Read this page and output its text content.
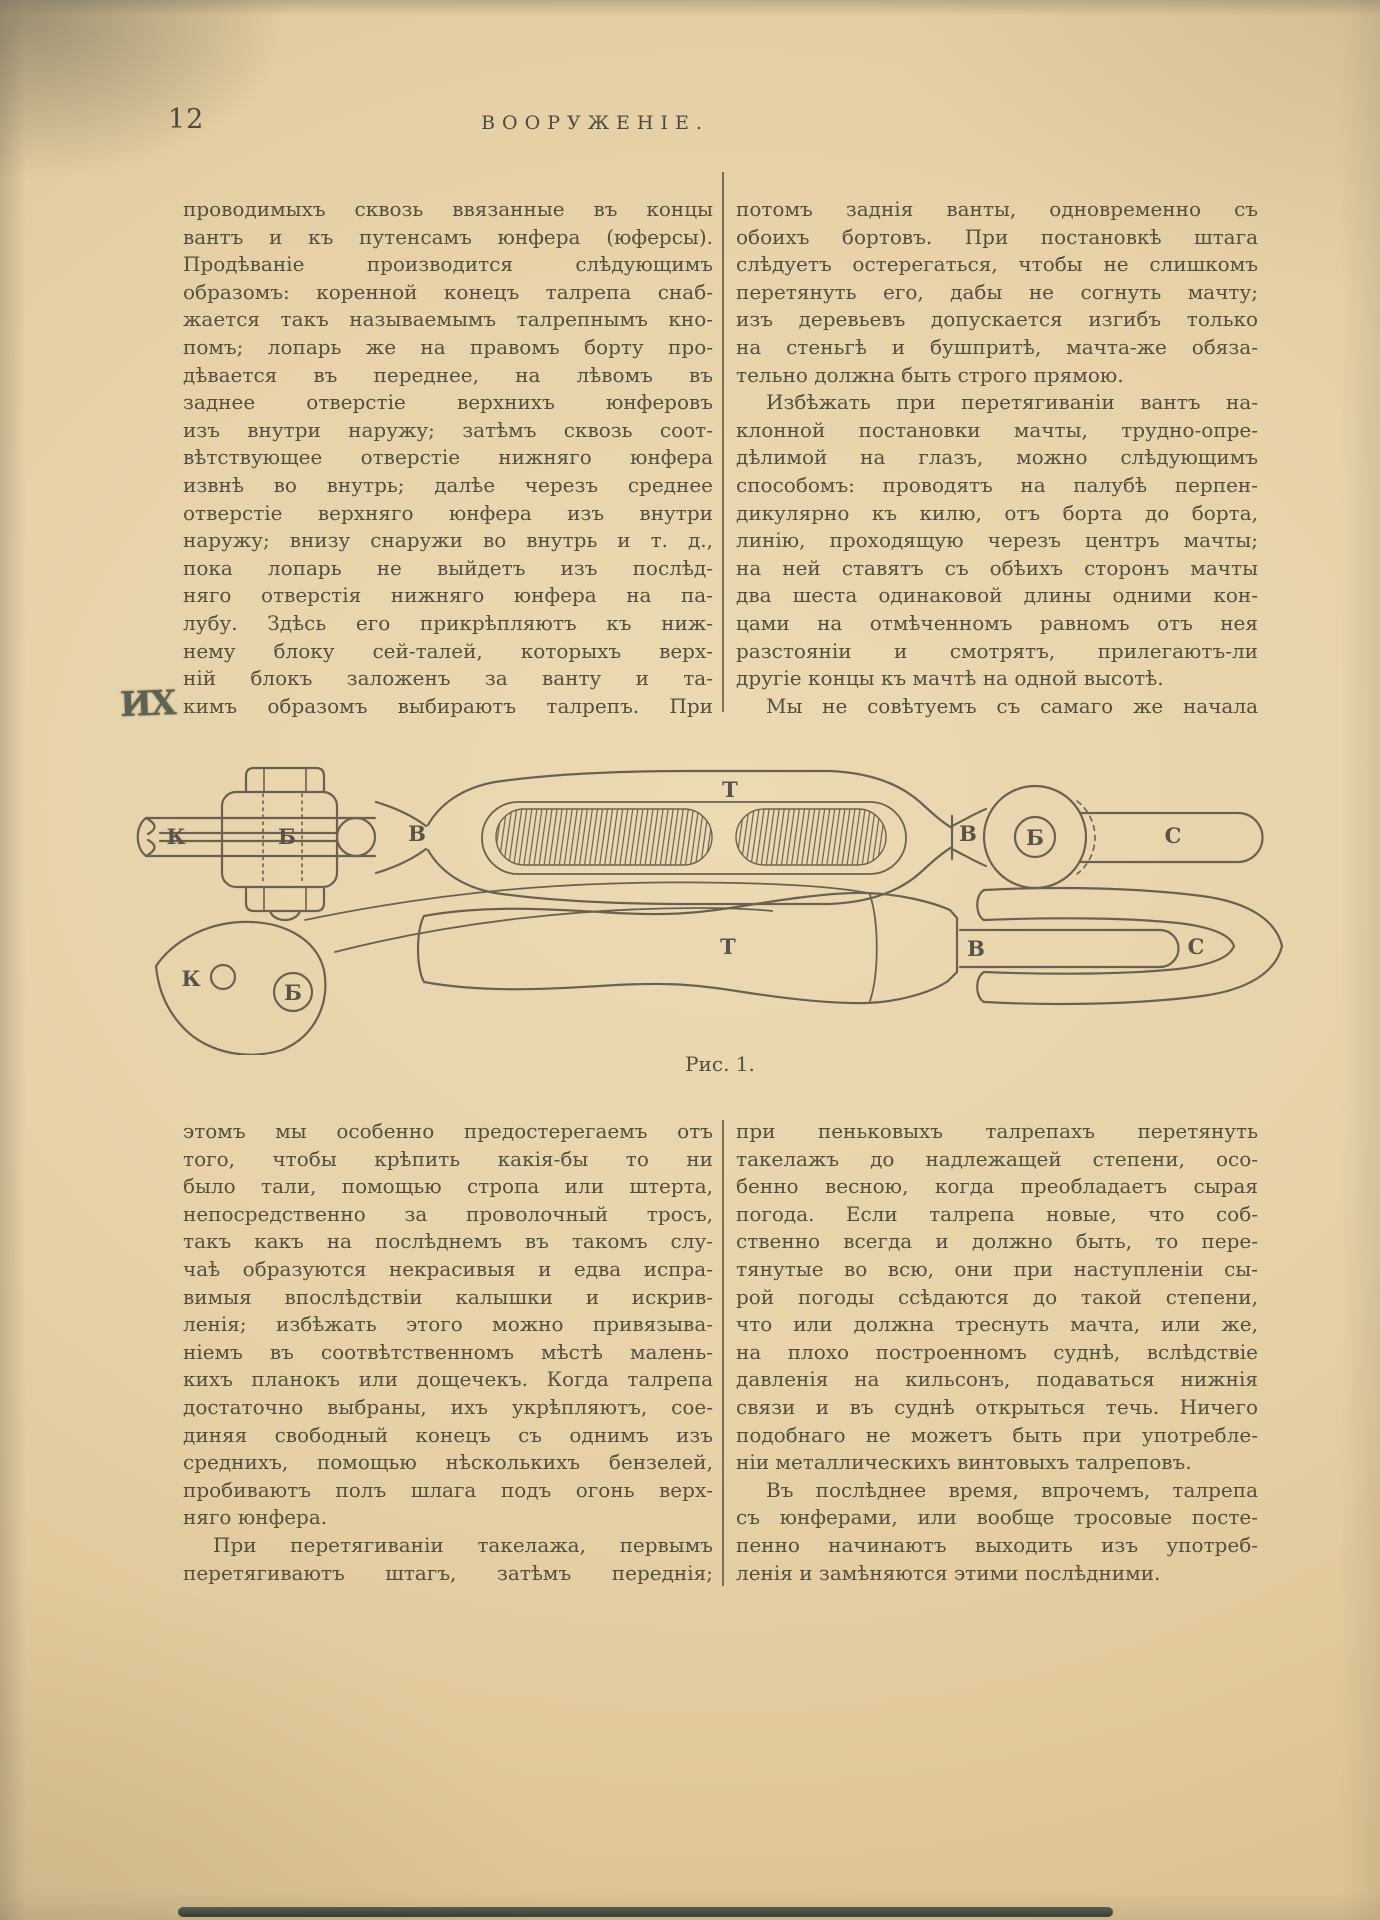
12	ВООРУЖЕНІЕ.
проводимыхъ сквозь ввязанные въ концы
вантъ и къ путенсамъ юнфера (юферсы).
Продѣваніе производится слѣдующимъ
образомъ: коренной конецъ талрепа снаб-
жается такъ называемымъ талрепнымъ кно-
помъ; лопарь же на правомъ борту про-
дѣвается въ переднее, на лѣвомъ въ
заднее отверстіе верхнихъ юнферовъ
изъ внутри наружу; затѣмъ сквозь соот-
вѣтствующее отверстіе нижняго юнфера
извнѣ во внутрь; далѣе черезъ среднее
отверстіе верхняго юнфера изъ внутри
наружу; внизу снаружи во внутрь и т. д.,
пока лопарь не выйдетъ изъ послѣд-
няго отверстія нижняго юнфера на па-
лубу. Здѣсь его прикрѣпляютъ къ ниж-
нему блоку сей-талей, которыхъ верх-
ній блокъ заложенъ за ванту и та-
кимъ образомъ выбираютъ талрепъ. При
потомъ заднія ванты, одновременно съ
обоихъ бортовъ. При постановкѣ штага
слѣдуетъ остерегаться, чтобы не слишкомъ
перетянуть его, дабы не согнуть мачту;
изъ деревьевъ допускается изгибъ только
на стеньгѣ и бушпритѣ, мачта-же обяза-
тельно должна быть строго прямою.
Избѣжать при перетягиваніи вантъ на-
клонной постановки мачты, трудно-опре-
дѣлимой на глазъ, можно слѣдующимъ
способомъ: проводятъ на палубѣ перпен-
дикулярно къ килю, отъ борта до борта,
линію, проходящую черезъ центръ мачты;
на ней ставятъ съ обѣихъ сторонъ мачты
два шеста одинаковой длины одними кон-
цами на отмѣченномъ равномъ отъ нея
разстояніи и смотрятъ, прилегаютъ-ли
другіе концы къ мачтѣ на одной высотѣ.
Мы не совѣтуемъ съ самаго же начала
ИХ
К	Б	В
Т
В Б	С
К
Б
Т	В	С
Рис. 1.
этомъ мы особенно предостерегаемъ отъ
того, чтобы крѣпить какія-бы то ни
было тали, помощью стропа или штерта,
непосредственно за проволочный тросъ,
такъ какъ на послѣднемъ въ такомъ слу-
чаѣ образуются некрасивыя и едва испра-
вимыя впослѣдствіи калышки и искрив-
ленія; избѣжать этого можно привязыва-
ніемъ въ соотвѣтственномъ мѣстѣ малень-
кихъ планокъ или дощечекъ. Когда талрепа
достаточно выбраны, ихъ укрѣпляютъ, сое-
диняя свободный конецъ съ однимъ изъ
среднихъ, помощью нѣсколькихъ бензелей,
пробиваютъ полъ шлага подъ огонь верх-
няго юнфера.
При перетягиваніи такелажа, первымъ
перетягиваютъ штагъ, затѣмъ переднія;
при пеньковыхъ талрепахъ перетянуть
такелажъ до надлежащей степени, осо-
бенно весною, когда преобладаетъ сырая
погода. Если талрепа новые, что соб-
ственно всегда и должно быть, то пере-
тянутые во всю, они при наступленіи сы-
рой погоды ссѣдаются до такой степени,
что или должна треснуть мачта, или же,
на плохо построенномъ суднѣ, вслѣдствіе
давленія на кильсонъ, подаваться нижнія
связи и въ суднѣ открыться течь. Ничего
подобнаго не можетъ быть при употребле-
ніи металлическихъ винтовыхъ талреповъ.
Въ послѣднее время, впрочемъ, талрепа
съ юнферами, или вообще тросовые посте-
пенно начинаютъ выходить изъ употреб-
ленія и замѣняются этими послѣдними.
